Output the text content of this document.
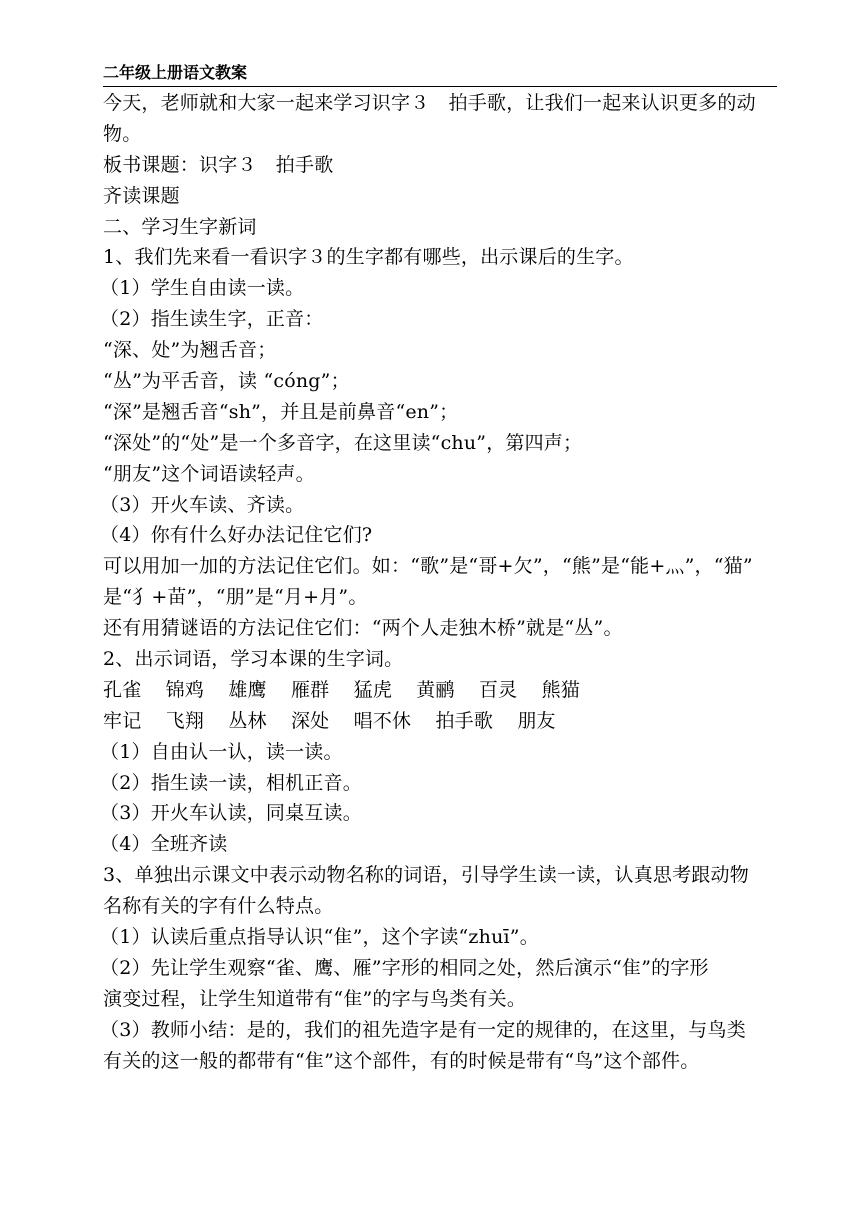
二年级上册语文教案
今天，老师就和大家一起来学习识字３　拍手歌，让我们一起来认识更多的动
物。
板书课题：识字３　拍手歌
齐读课题
二、学习生字新词
1、我们先来看一看识字３的生字都有哪些，出示课后的生字。
（1）学生自由读一读。
（2）指生读生字，正音：
“深、处”为翘舌音；
“丛”为平舌音，读 “cóng”；
“深”是翘舌音“sh”，并且是前鼻音“en”；
“深处”的“处”是一个多音字，在这里读“chu”，第四声；
“朋友”这个词语读轻声。
（3）开火车读、齐读。
（4）你有什么好办法记住它们?
可以用加一加的方法记住它们。如：“歌”是“哥+欠”，“熊”是“能+灬”，“猫”
是“犭+苗”，“朋”是“月+月”。
还有用猜谜语的方法记住它们：“两个人走独木桥”就是“丛”。
2、出示词语，学习本课的生字词。
孔雀 锦鸡 雄鹰 雁群 猛虎 黄鹂 百灵 熊猫
牢记 飞翔 丛林 深处 唱不休 拍手歌 朋友
（1）自由认一认，读一读。
（2）指生读一读，相机正音。
（3）开火车认读，同桌互读。
（4）全班齐读
3、单独出示课文中表示动物名称的词语，引导学生读一读，认真思考跟动物
名称有关的字有什么特点。
（1）认读后重点指导认识“隹”，这个字读“zhuī”。
（2）先让学生观察“雀、鹰、雁”字形的相同之处，然后演示“隹”的字形
演变过程，让学生知道带有“隹”的字与鸟类有关。
（3）教师小结：是的，我们的祖先造字是有一定的规律的，在这里，与鸟类
有关的这一般的都带有“隹”这个部件，有的时候是带有“鸟”这个部件。
